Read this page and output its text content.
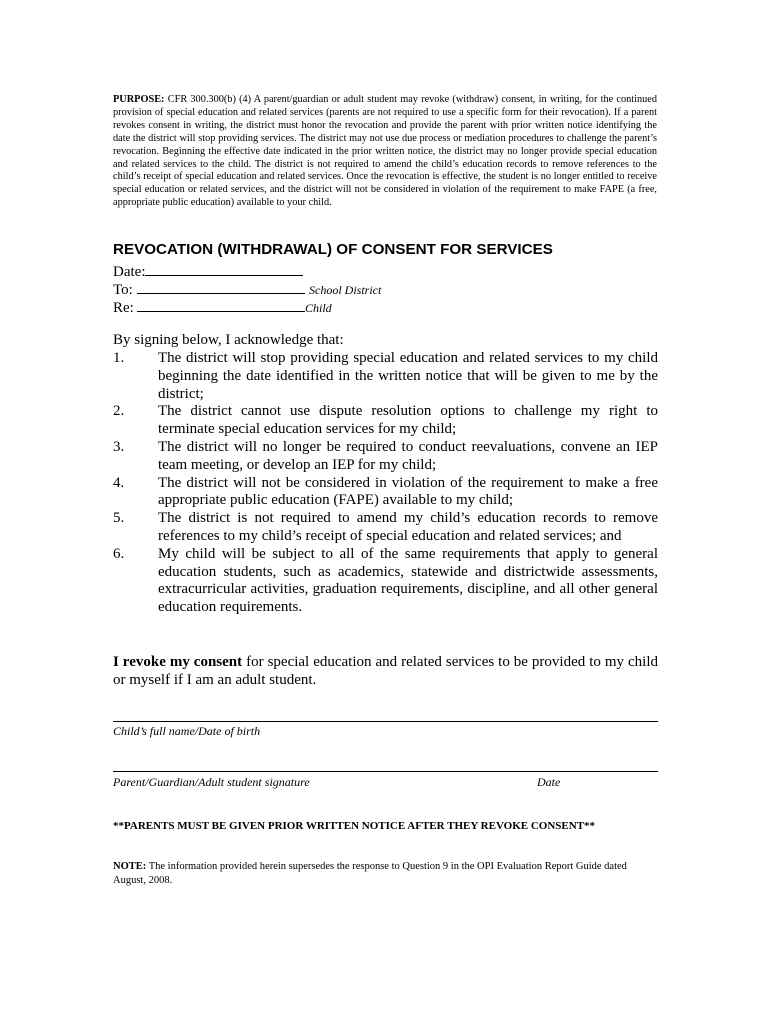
PURPOSE: CFR 300.300(b) (4) A parent/guardian or adult student may revoke (withdraw) consent, in writing, for the continued provision of special education and related services (parents are not required to use a specific form for their revocation). If a parent revokes consent in writing, the district must honor the revocation and provide the parent with prior written notice identifying the date the district will stop providing services. The district may not use due process or mediation procedures to challenge the parent’s revocation. Beginning the effective date indicated in the prior written notice, the district may no longer provide special education and related services to the child. The district is not required to amend the child’s education records to remove references to the child’s receipt of special education and related services. Once the revocation is effective, the student is no longer entitled to receive special education or related services, and the district will not be considered in violation of the requirement to make FAPE (a free, appropriate public education) available to your child.
REVOCATION (WITHDRAWAL) OF CONSENT FOR SERVICES
Date:
To:	School District
Re:	Child
By signing below, I acknowledge that:
1.	The district will stop providing special education and related services to my child beginning the date identified in the written notice that will be given to me by the district;
2.	The district cannot use dispute resolution options to challenge my right to terminate special education services for my child;
3.	The district will no longer be required to conduct reevaluations, convene an IEP team meeting, or develop an IEP for my child;
4.	The district will not be considered in violation of the requirement to make a free appropriate public education (FAPE) available to my child;
5.	The district is not required to amend my child’s education records to remove references to my child’s receipt of special education and related services; and
6.	My child will be subject to all of the same requirements that apply to general education students, such as academics, statewide and districtwide assessments, extracurricular activities, graduation requirements, discipline, and all other general education requirements.
I revoke my consent for special education and related services to be provided to my child or myself if I am an adult student.
Child’s full name/Date of birth
Parent/Guardian/Adult student signature	Date
**PARENTS MUST BE GIVEN PRIOR WRITTEN NOTICE AFTER THEY REVOKE CONSENT**
NOTE: The information provided herein supersedes the response to Question 9 in the OPI Evaluation Report Guide dated August, 2008.
